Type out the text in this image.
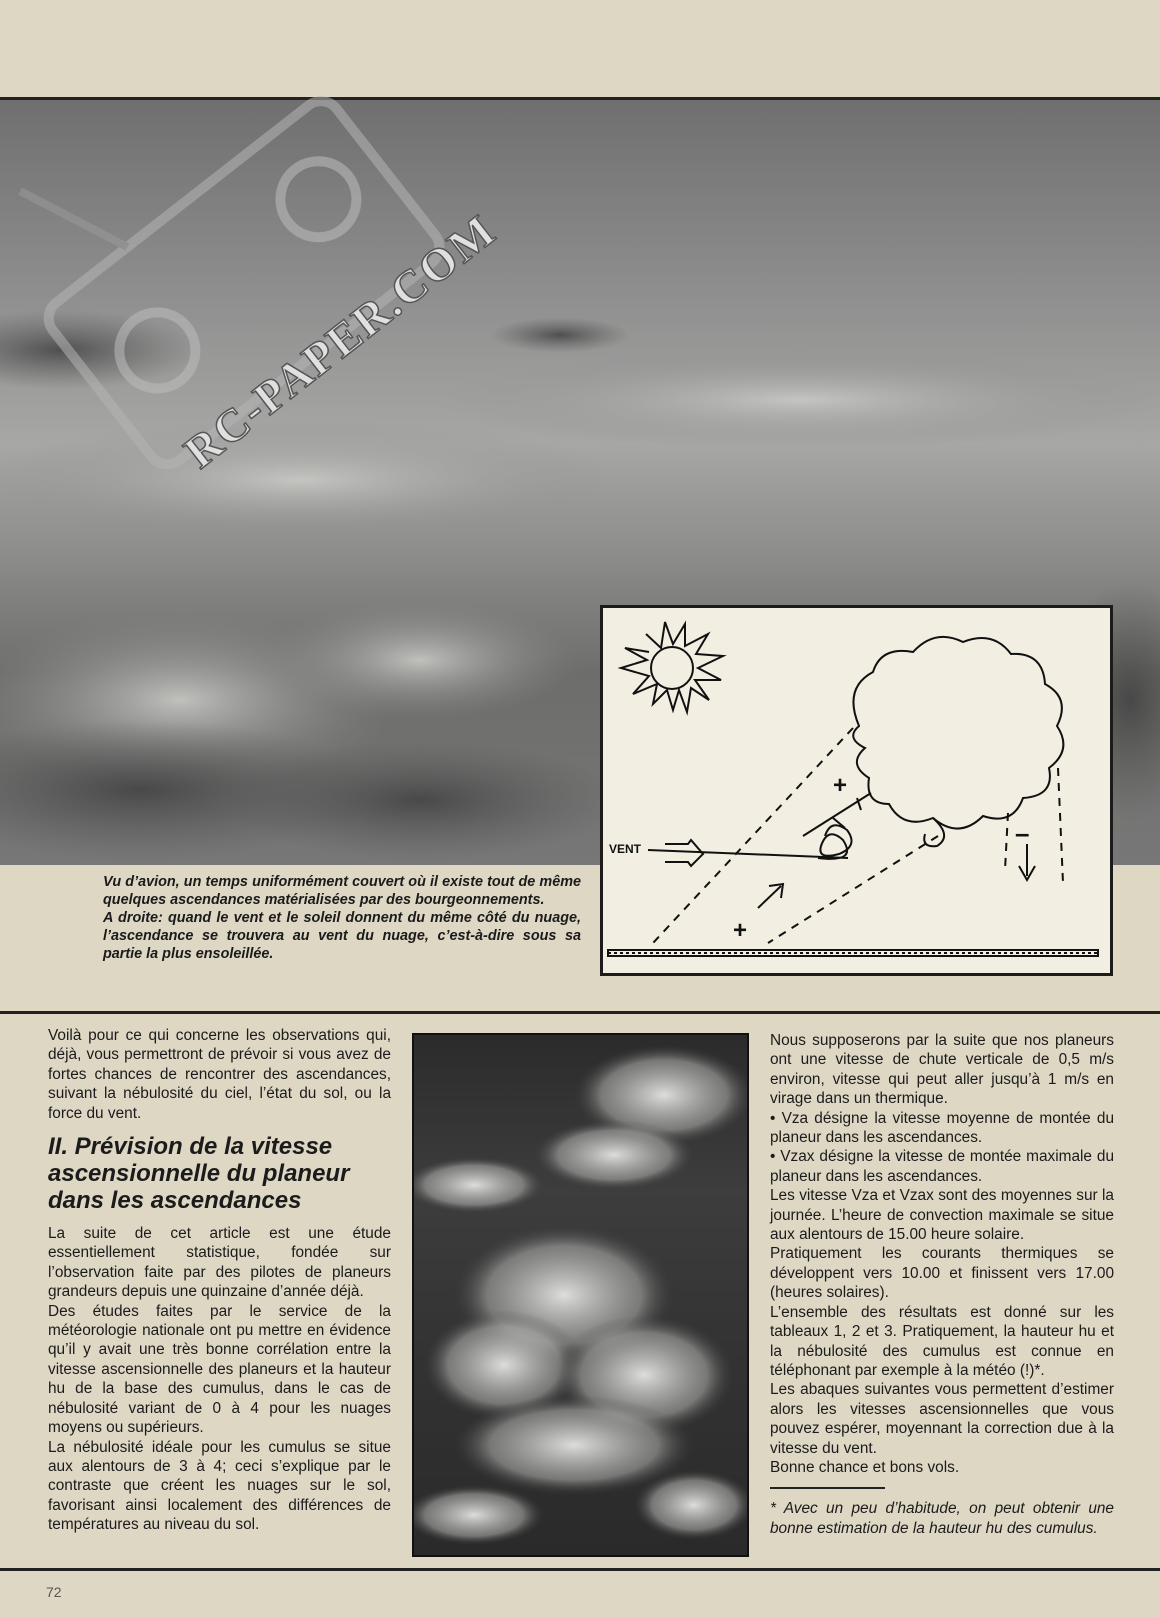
RC-PAPER.COM
VENT
+
+
–

Vu d’avion, un temps uniformément couvert où il existe tout de même quelques ascendances matérialisées par des bourgeonnements.

A droite: quand le vent et le soleil donnent du même côté du nuage, l’ascendance se trouvera au vent du nuage, c’est-à-dire sous sa partie la plus ensoleillée.

Voilà pour ce qui concerne les observations qui, déjà, vous permettront de prévoir si vous avez de fortes chances de rencontrer des ascendances, suivant la nébulosité du ciel, l’état du sol, ou la force du vent.

II. Prévision de la vitesse ascensionnelle du planeur dans les ascendances

La suite de cet article est une étude essentiellement statistique, fondée sur l’observation faite par des pilotes de planeurs grandeurs depuis une quinzaine d’année déjà.

Des études faites par le service de la météorologie nationale ont pu mettre en évidence qu’il y avait une très bonne corrélation entre la vitesse ascensionnelle des planeurs et la hauteur hu de la base des cumulus, dans le cas de nébulosité variant de 0 à 4 pour les nuages moyens ou supérieurs.

La nébulosité idéale pour les cumulus se situe aux alentours de 3 à 4; ceci s’explique par le contraste que créent les nuages sur le sol, favorisant ainsi localement des différences de températures au niveau du sol.

Nous supposerons par la suite que nos planeurs ont une vitesse de chute verticale de 0,5 m/s environ, vitesse qui peut aller jusqu’à 1 m/s en virage dans un thermique.

• Vza désigne la vitesse moyenne de montée du planeur dans les ascendances.

• Vzax désigne la vitesse de montée maximale du planeur dans les ascendances.

Les vitesse Vza et Vzax sont des moyennes sur la journée. L’heure de convection maximale se situe aux alentours de 15.00 heure solaire.

Pratiquement les courants thermiques se développent vers 10.00 et finissent vers 17.00 (heures solaires).

L’ensemble des résultats est donné sur les tableaux 1, 2 et 3. Pratiquement, la hauteur hu et la nébulosité des cumulus est connue en téléphonant par exemple à la météo (!)*.

Les abaques suivantes vous permettent d’estimer alors les vitesses ascensionnelles que vous pouvez espérer, moyennant la correction due à la vitesse du vent.

Bonne chance et bons vols.

* Avec un peu d’habitude, on peut obtenir une bonne estimation de la hauteur hu des cumulus.

72
